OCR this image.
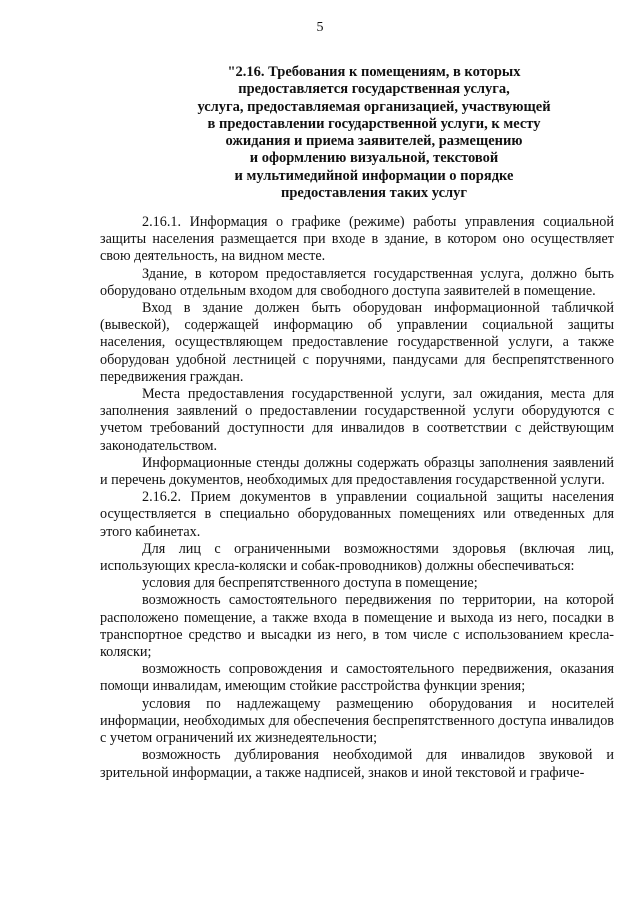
5
"2.16. Требования к помещениям, в которых
предоставляется государственная услуга,
услуга, предоставляемая организацией, участвующей
в предоставлении государственной услуги, к месту
ожидания и приема заявителей, размещению
и оформлению визуальной, текстовой
и мультимедийной информации о порядке
предоставления таких услуг

2.16.1. Информация о графике (режиме) работы управления социальной защиты населения размещается при входе в здание, в котором оно осуществляет свою деятельность, на видном месте.

Здание, в котором предоставляется государственная услуга, должно быть оборудовано отдельным входом для свободного доступа заявителей в помещение.

Вход в здание должен быть оборудован информационной табличкой (вывеской), содержащей информацию об управлении социальной защиты населения, осуществляющем предоставление государственной услуги, а также оборудован удобной лестницей с поручнями, пандусами для беспрепятственного передвижения граждан.

Места предоставления государственной услуги, зал ожидания, места для заполнения заявлений о предоставлении государственной услуги оборудуются с учетом требований доступности для инвалидов в соответствии с действующим законодательством.

Информационные стенды должны содержать образцы заполнения заявлений и перечень документов, необходимых для предоставления государственной услуги.

2.16.2. Прием документов в управлении социальной защиты населения осуществляется в специально оборудованных помещениях или отведенных для этого кабинетах.

Для лиц с ограниченными возможностями здоровья (включая лиц, использующих кресла-коляски и собак-проводников) должны обеспечиваться:

условия для беспрепятственного доступа в помещение;

возможность самостоятельного передвижения по территории, на которой расположено помещение, а также входа в помещение и выхода из него, посадки в транспортное средство и высадки из него, в том числе с использованием кресла-коляски;

возможность сопровождения и самостоятельного передвижения, оказания помощи инвалидам, имеющим стойкие расстройства функции зрения;

условия по надлежащему размещению оборудования и носителей информации, необходимых для обеспечения беспрепятственного доступа инвалидов с учетом ограничений их жизнедеятельности;

возможность дублирования необходимой для инвалидов звуковой и зрительной информации, а также надписей, знаков и иной текстовой и графиче-
